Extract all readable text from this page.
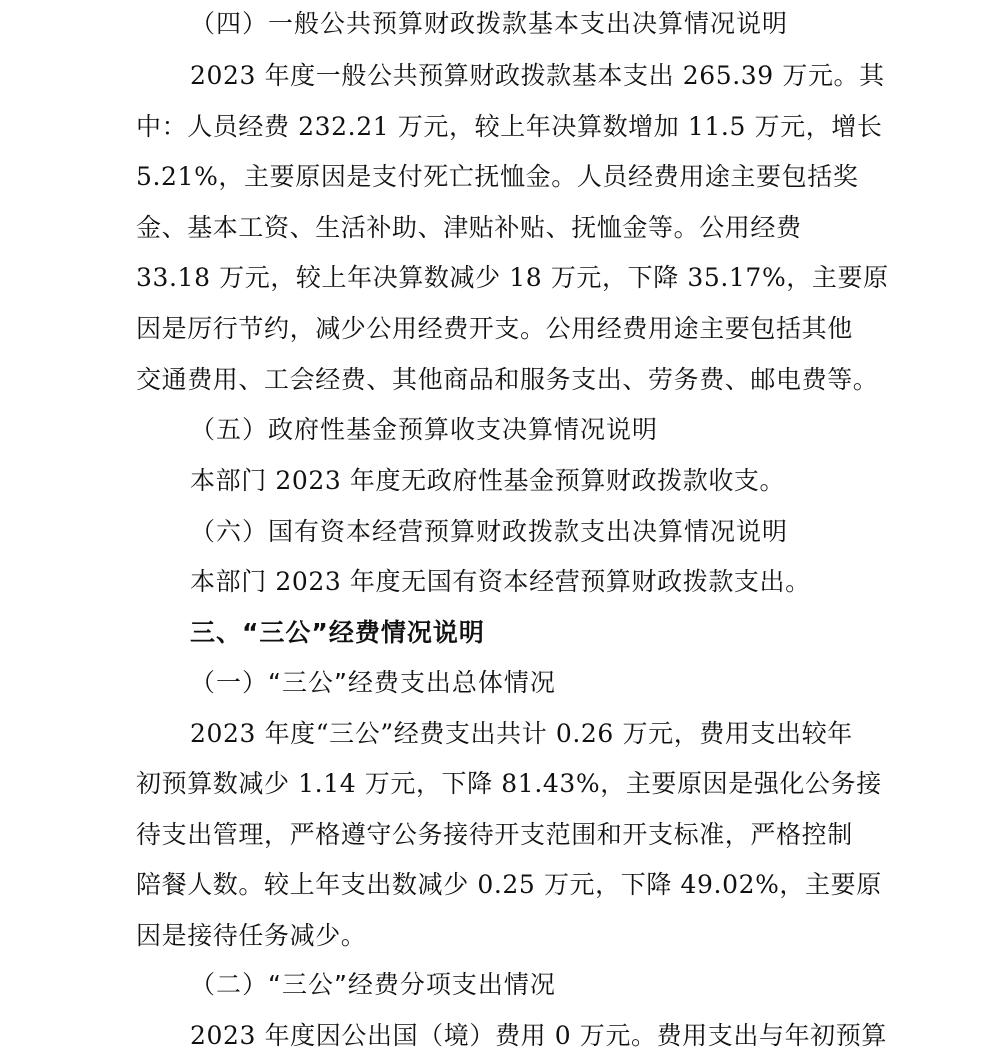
（四）一般公共预算财政拨款基本支出决算情况说明
2023 年度一般公共预算财政拨款基本支出 265.39 万元。其
中：人员经费 232.21 万元，较上年决算数增加 11.5 万元，增长
5.21%，主要原因是支付死亡抚恤金。人员经费用途主要包括奖
金、基本工资、生活补助、津贴补贴、抚恤金等。公用经费
33.18 万元，较上年决算数减少 18 万元，下降 35.17%，主要原
因是厉行节约，减少公用经费开支。公用经费用途主要包括其他
交通费用、工会经费、其他商品和服务支出、劳务费、邮电费等。
（五）政府性基金预算收支决算情况说明
本部门 2023 年度无政府性基金预算财政拨款收支。
（六）国有资本经营预算财政拨款支出决算情况说明
本部门 2023 年度无国有资本经营预算财政拨款支出。
三、“三公”经费情况说明
（一）“三公”经费支出总体情况
2023 年度“三公”经费支出共计 0.26 万元，费用支出较年
初预算数减少 1.14 万元，下降 81.43%，主要原因是强化公务接
待支出管理，严格遵守公务接待开支范围和开支标准，严格控制
陪餐人数。较上年支出数减少 0.25 万元，下降 49.02%，主要原
因是接待任务减少。
（二）“三公”经费分项支出情况
2023 年度因公出国（境）费用 0 万元。费用支出与年初预算
